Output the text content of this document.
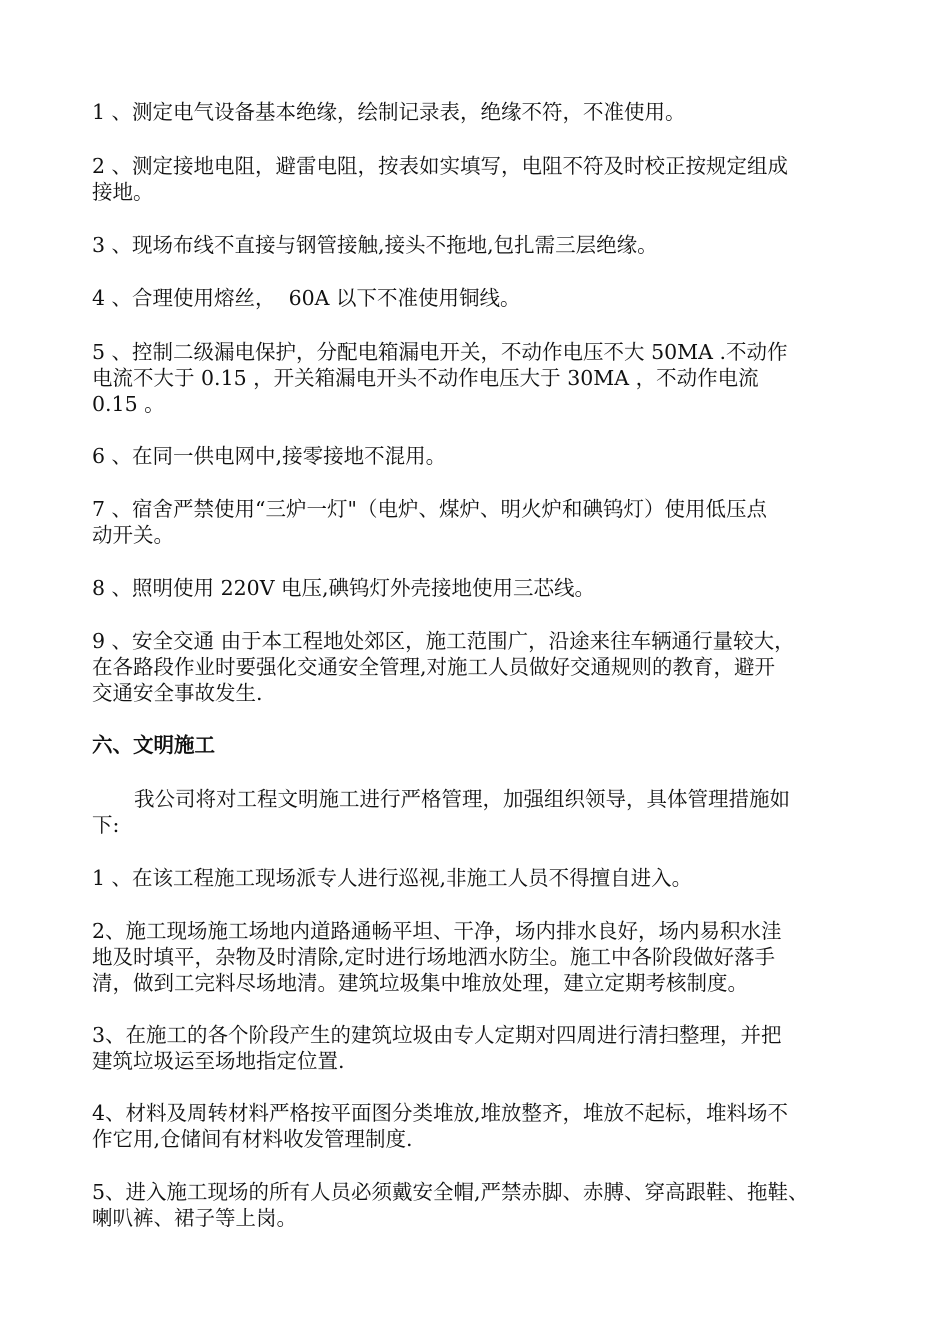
1 、测定电气设备基本绝缘，绘制记录表，绝缘不符，不准使用。
2 、测定接地电阻，避雷电阻，按表如实填写，电阻不符及时校正按规定组成
接地。
3 、现场布线不直接与钢管接触,接头不拖地,包扎需三层绝缘。
4 、合理使用熔丝，  60A 以下不准使用铜线。
5 、控制二级漏电保护，分配电箱漏电开关，不动作电压不大 50MA .不动作
电流不大于 0.15 ，开关箱漏电开头不动作电压大于 30MA ，不动作电流
0.15 。
6 、在同一供电网中,接零接地不混用。
7 、宿舍严禁使用“三炉一灯"（电炉、煤炉、明火炉和碘钨灯）使用低压点
动开关。
8 、照明使用 220V 电压,碘钨灯外壳接地使用三芯线。
9 、安全交通 由于本工程地处郊区，施工范围广，沿途来往车辆通行量较大，
在各路段作业时要强化交通安全管理,对施工人员做好交通规则的教育，避开
交通安全事故发生.
六、文明施工
我公司将对工程文明施工进行严格管理，加强组织领导，具体管理措施如
下:
1 、在该工程施工现场派专人进行巡视,非施工人员不得擅自进入。
2、施工现场施工场地内道路通畅平坦、干净，场内排水良好，场内易积水洼
地及时填平，杂物及时清除,定时进行场地洒水防尘。施工中各阶段做好落手
清，做到工完料尽场地清。建筑垃圾集中堆放处理，建立定期考核制度。
3、在施工的各个阶段产生的建筑垃圾由专人定期对四周进行清扫整理，并把
建筑垃圾运至场地指定位置.
4、材料及周转材料严格按平面图分类堆放,堆放整齐，堆放不起标，堆料场不
作它用,仓储间有材料收发管理制度.
5、进入施工现场的所有人员必须戴安全帽,严禁赤脚、赤膊、穿高跟鞋、拖鞋、
喇叭裤、裙子等上岗。
